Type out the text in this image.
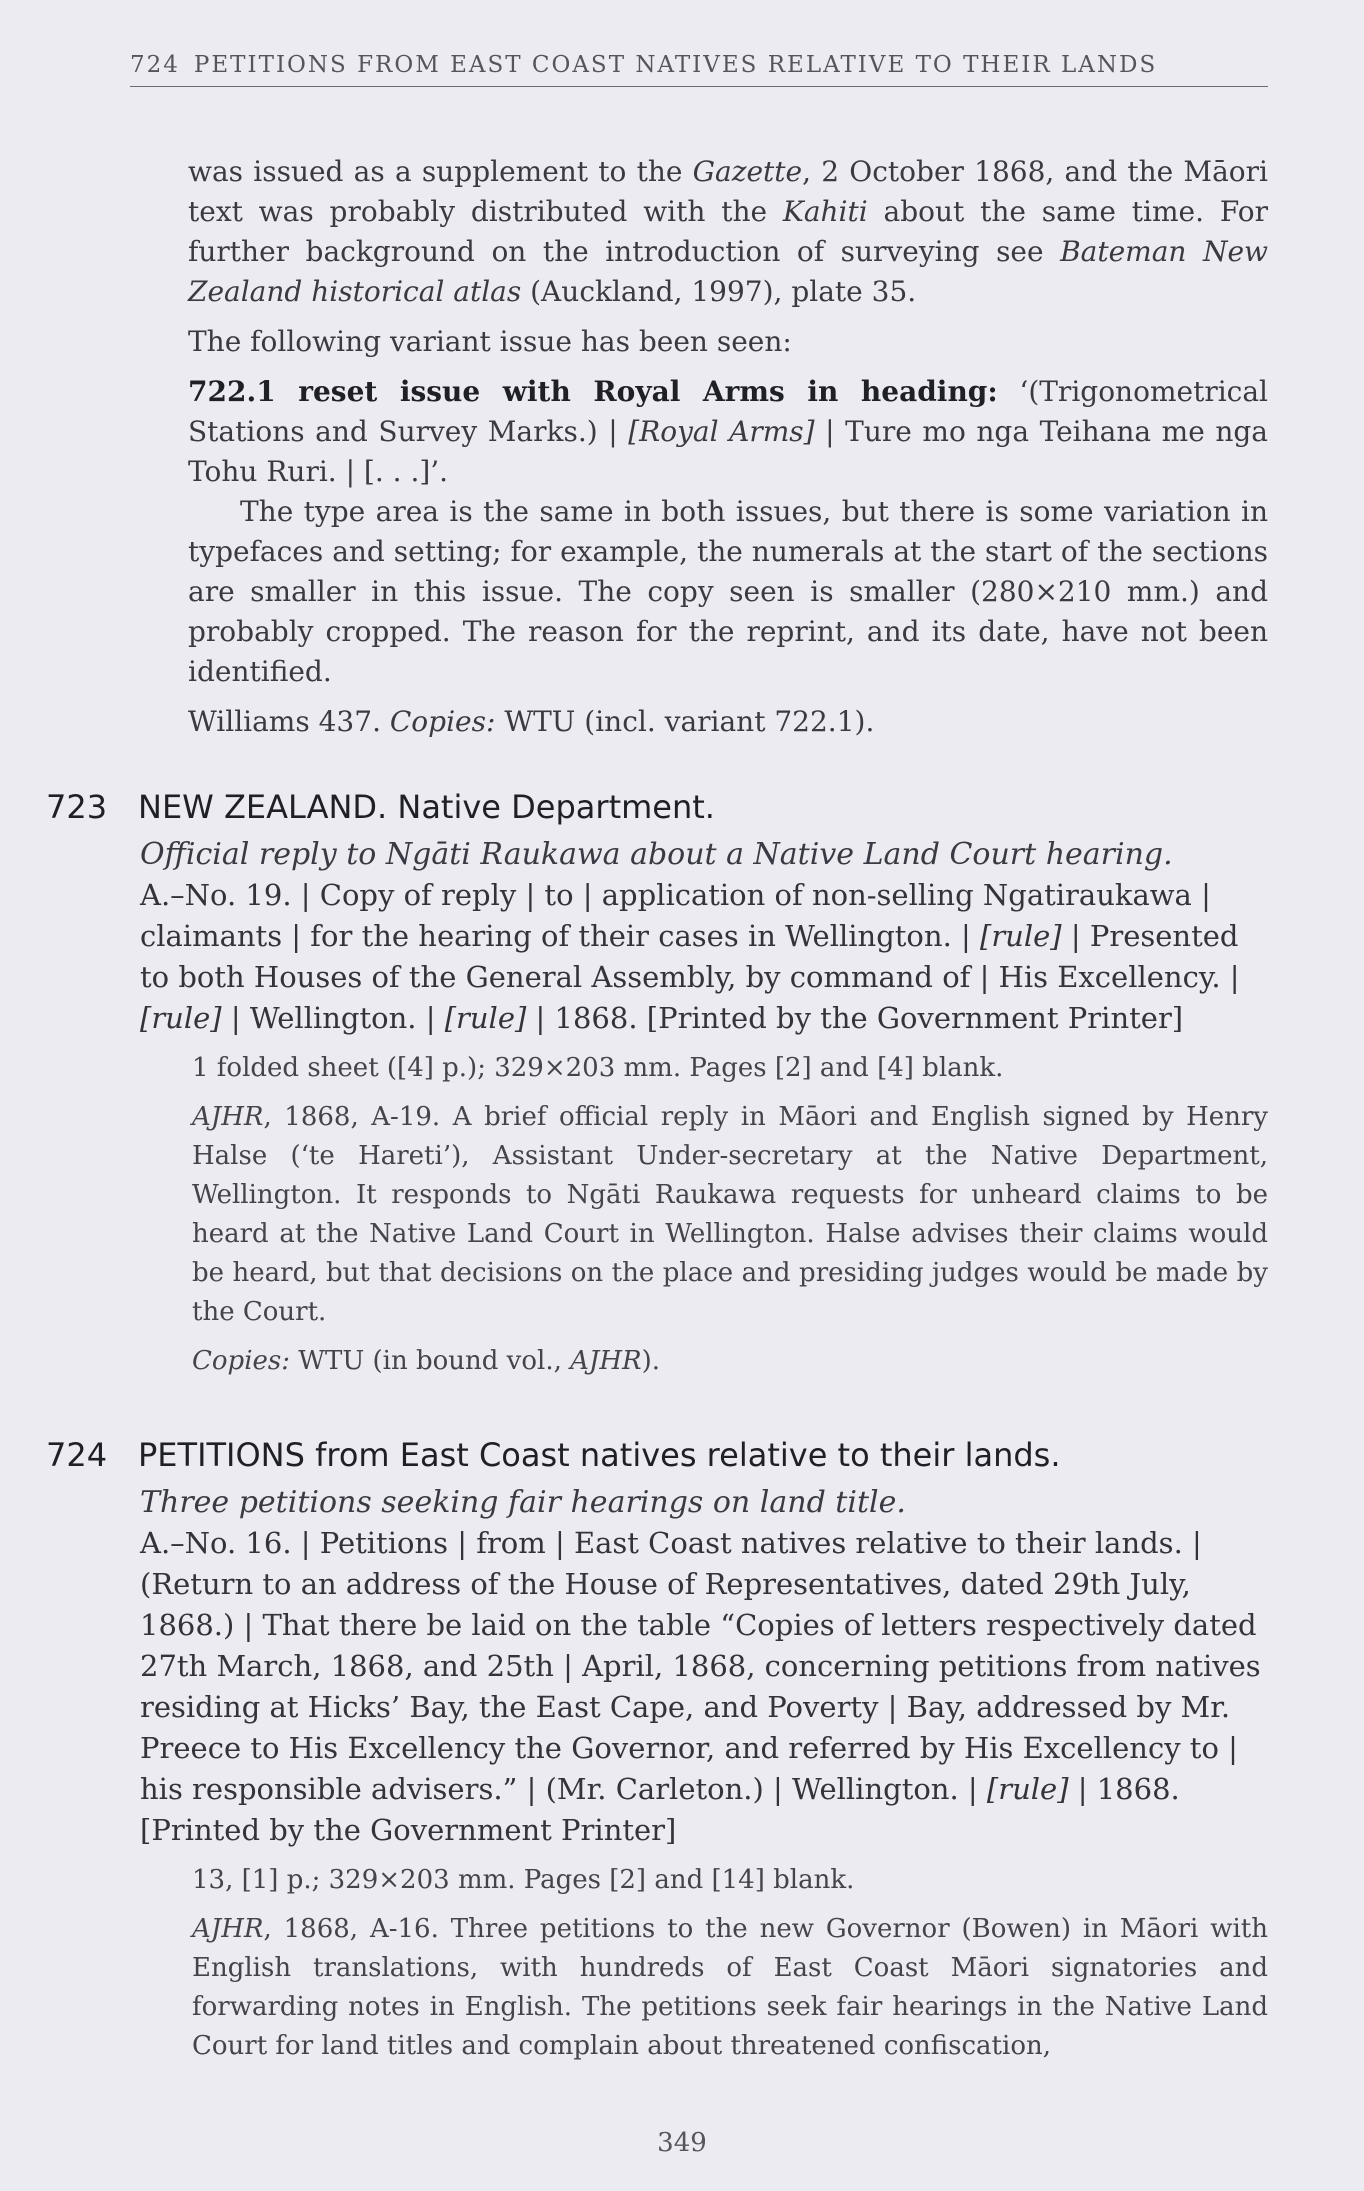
724 PETITIONS FROM EAST COAST NATIVES RELATIVE TO THEIR LANDS

was issued as a supplement to the Gazette, 2 October 1868, and the Māori text was probably distributed with the Kahiti about the same time. For further background on the introduction of surveying see Bateman New Zealand historical atlas (Auckland, 1997), plate 35.

The following variant issue has been seen:

722.1 reset issue with Royal Arms in heading: ‘(Trigonometrical Stations and Survey Marks.) | [Royal Arms] | Ture mo nga Teihana me nga Tohu Ruri. | [. . .]’.

The type area is the same in both issues, but there is some variation in typefaces and setting; for example, the numerals at the start of the sections are smaller in this issue. The copy seen is smaller (280×210 mm.) and probably cropped. The reason for the reprint, and its date, have not been identified.

Williams 437. Copies: WTU (incl. variant 722.1).

723 NEW ZEALAND. Native Department.

Official reply to Ngāti Raukawa about a Native Land Court hearing.

A.–No. 19. | Copy of reply | to | application of non-selling Ngatiraukawa | claimants | for the hearing of their cases in Wellington. | [rule] | Presented to both Houses of the General Assembly, by command of | His Excellency. | [rule] | Wellington. | [rule] | 1868. [Printed by the Government Printer]

1 folded sheet ([4] p.); 329×203 mm. Pages [2] and [4] blank.

AJHR, 1868, A-19. A brief official reply in Māori and English signed by Henry Halse (‘te Hareti’), Assistant Under-secretary at the Native Department, Wellington. It responds to Ngāti Raukawa requests for unheard claims to be heard at the Native Land Court in Wellington. Halse advises their claims would be heard, but that decisions on the place and presiding judges would be made by the Court.

Copies: WTU (in bound vol., AJHR).

724 PETITIONS from East Coast natives relative to their lands.

Three petitions seeking fair hearings on land title.

A.–No. 16. | Petitions | from | East Coast natives relative to their lands. | (Return to an address of the House of Representatives, dated 29th July, 1868.) | That there be laid on the table “Copies of letters respectively dated 27th March, 1868, and 25th | April, 1868, concerning petitions from natives residing at Hicks’ Bay, the East Cape, and Poverty | Bay, addressed by Mr. Preece to His Excellency the Governor, and referred by His Excellency to | his responsible advisers.” | (Mr. Carleton.) | Wellington. | [rule] | 1868. [Printed by the Government Printer]

13, [1] p.; 329×203 mm. Pages [2] and [14] blank.

AJHR, 1868, A-16. Three petitions to the new Governor (Bowen) in Māori with English translations, with hundreds of East Coast Māori signatories and forwarding notes in English. The petitions seek fair hearings in the Native Land Court for land titles and complain about threatened confiscation,

349
